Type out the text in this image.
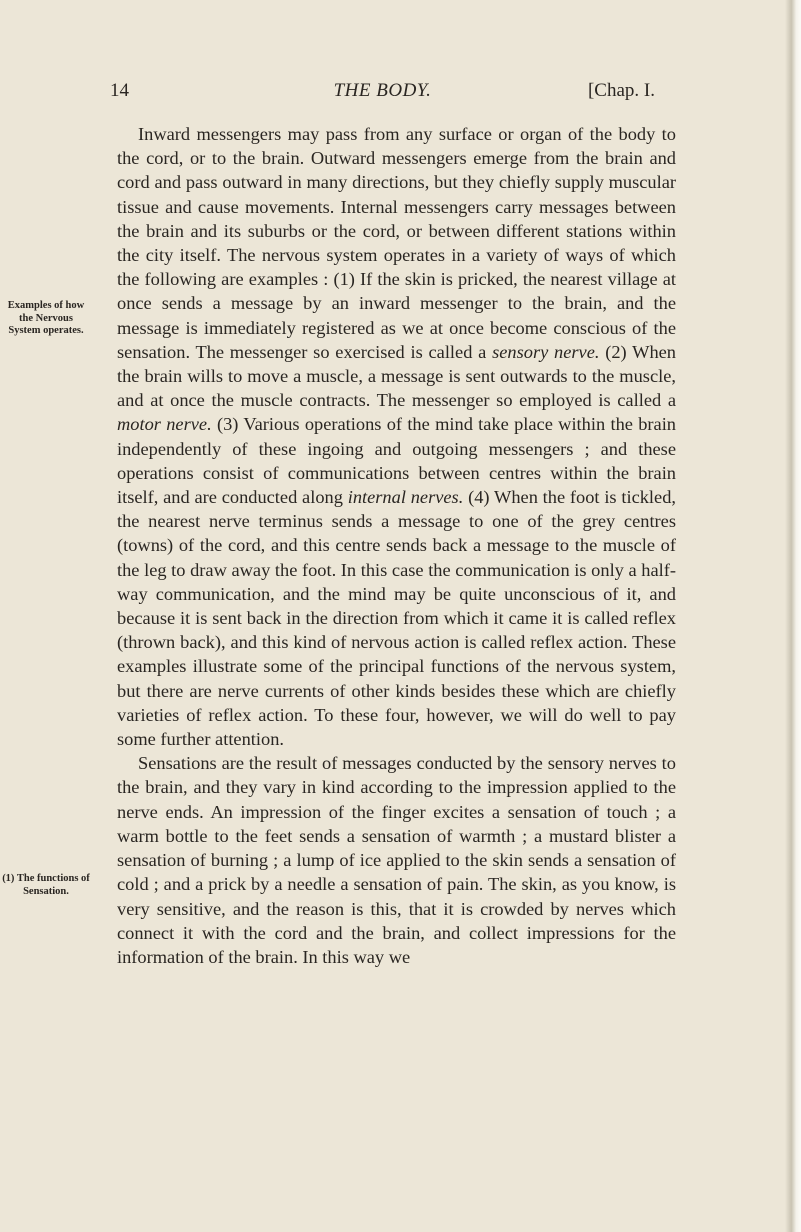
14	THE BODY.	[Chap. I.
Examples of how the Nervous System operates.
(1) The functions of Sensation.

Inward messengers may pass from any surface or organ of the body to the cord, or to the brain. Outward messengers emerge from the brain and cord and pass outward in many directions, but they chiefly supply muscular tissue and cause movements. Internal messengers carry messages between the brain and its suburbs or the cord, or between different stations within the city itself. The nervous system operates in a variety of ways of which the following are examples : (1) If the skin is pricked, the nearest village at once sends a message by an inward messenger to the brain, and the message is immediately registered as we at once become conscious of the sensation. The messenger so exercised is called a sensory nerve. (2) When the brain wills to move a muscle, a message is sent outwards to the muscle, and at once the muscle contracts. The messenger so employed is called a motor nerve. (3) Various operations of the mind take place within the brain independently of these ingoing and outgoing messengers ; and these operations consist of communications between centres within the brain itself, and are conducted along internal nerves. (4) When the foot is tickled, the nearest nerve terminus sends a message to one of the grey centres (towns) of the cord, and this centre sends back a message to the muscle of the leg to draw away the foot. In this case the communication is only a half-way communication, and the mind may be quite unconscious of it, and because it is sent back in the direction from which it came it is called reflex (thrown back), and this kind of nervous action is called reflex action. These examples illustrate some of the principal functions of the nervous system, but there are nerve currents of other kinds besides these which are chiefly varieties of reflex action. To these four, however, we will do well to pay some further attention.

Sensations are the result of messages conducted by the sensory nerves to the brain, and they vary in kind according to the impression applied to the nerve ends. An impression of the finger excites a sensation of touch ; a warm bottle to the feet sends a sensation of warmth ; a mustard blister a sensation of burning ; a lump of ice applied to the skin sends a sensation of cold ; and a prick by a needle a sensation of pain. The skin, as you know, is very sensitive, and the reason is this, that it is crowded by nerves which connect it with the cord and the brain, and collect impressions for the information of the brain. In this way we
